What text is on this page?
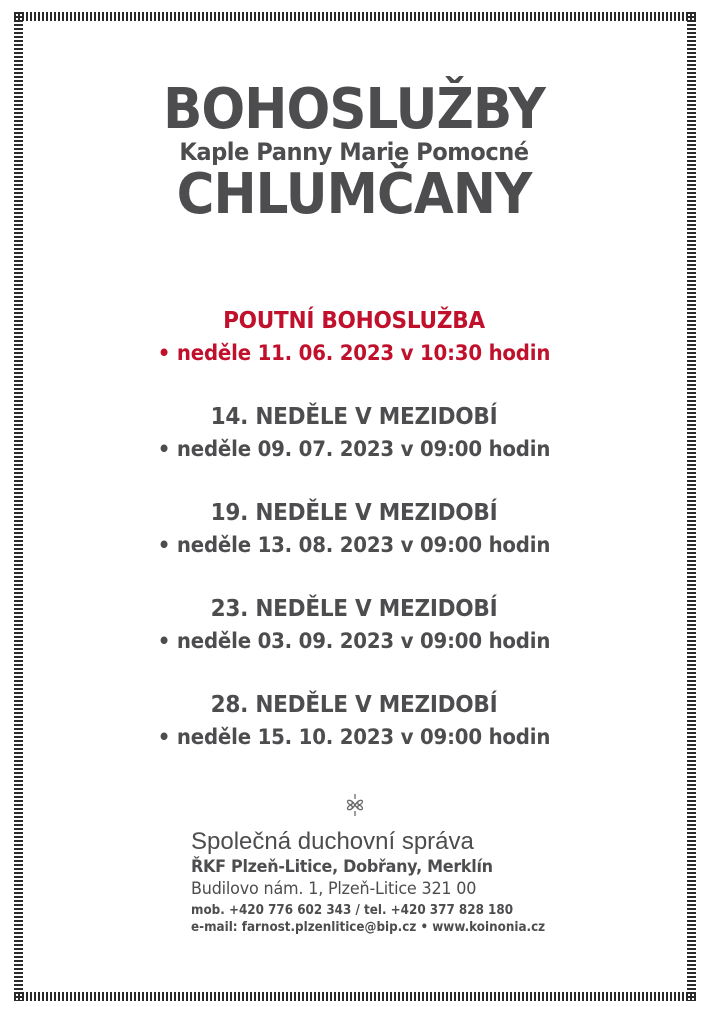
BOHOSLUŽBY
Kaple Panny Marie Pomocné
CHLUMČANY
POUTNÍ BOHOSLUŽBA
• neděle 11. 06. 2023 v 10:30 hodin
14. NEDĚLE V MEZIDOBÍ
• neděle 09. 07. 2023 v 09:00 hodin
19. NEDĚLE V MEZIDOBÍ
• neděle 13. 08. 2023 v 09:00 hodin
23. NEDĚLE V MEZIDOBÍ
• neděle 03. 09. 2023 v 09:00 hodin
28. NEDĚLE V MEZIDOBÍ
• neděle 15. 10. 2023 v 09:00 hodin
Společná duchovní správa
ŘKF Plzeň-Litice, Dobřany, Merklín
Budilovo nám. 1, Plzeň-Litice 321 00
mob. +420 776 602 343 / tel. +420 377 828 180
e-mail: farnost.plzenlitice@bip.cz • www.koinonia.cz
